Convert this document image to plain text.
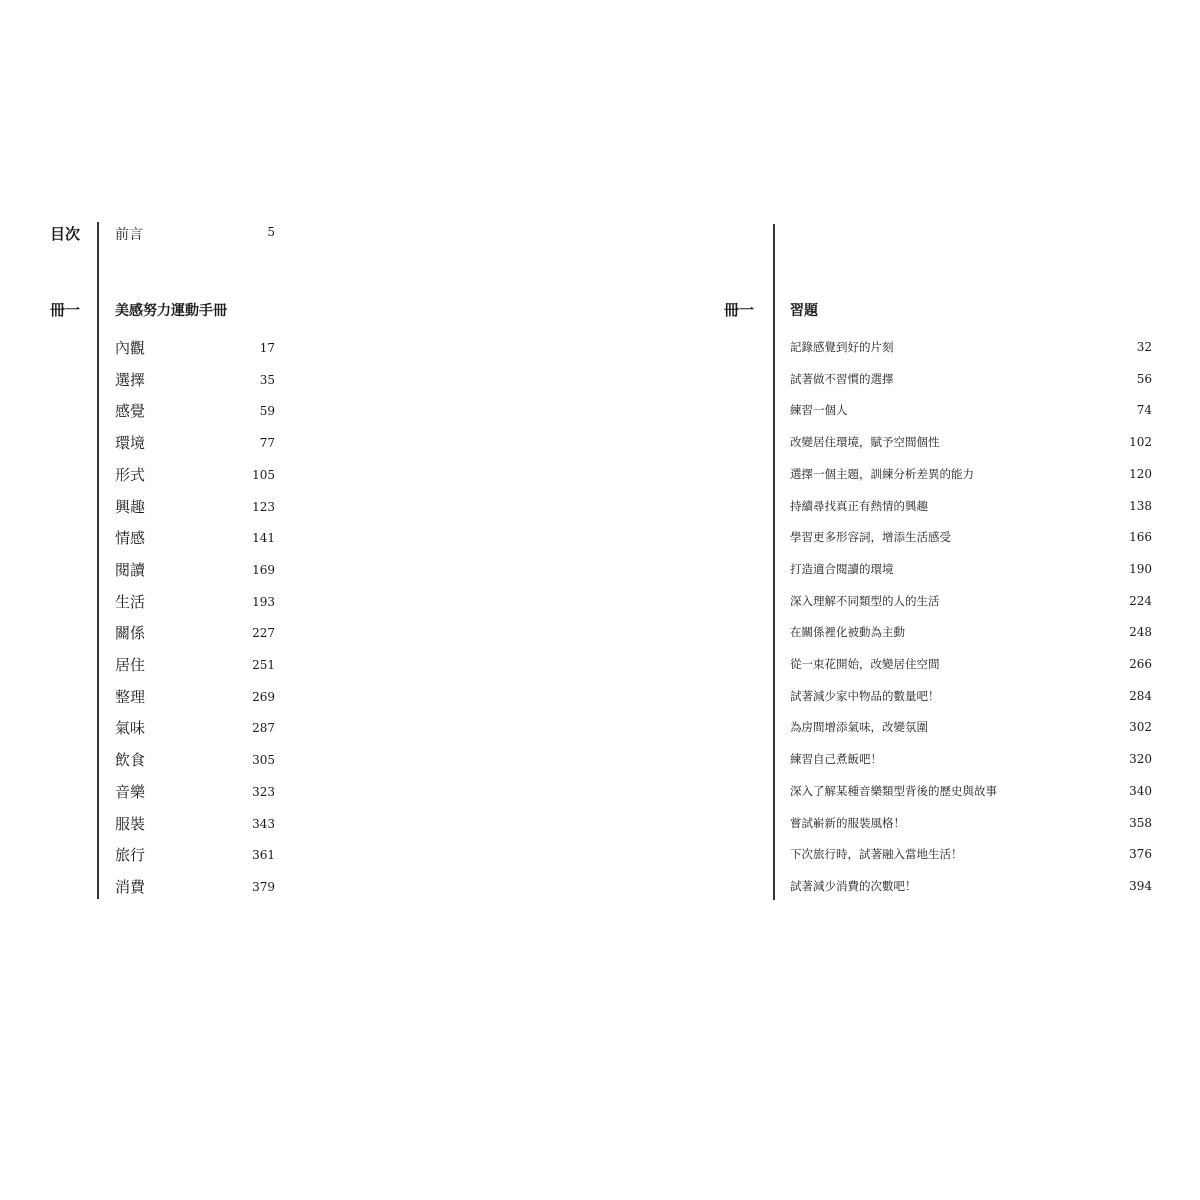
目次 前言	5
冊一 美感努力運動手冊
內觀	17
選擇	35
感覺	59
環境	77
形式	105
興趣	123
情感	141
閱讀	169
生活	193
關係	227
居住	251
整理	269
氣味	287
飲食	305
音樂	323
服裝	343
旅行	361
消費	379
冊一	習題
記錄感覺到好的片刻	32
試著做不習慣的選擇	56
練習一個人	74
改變居住環境，賦予空間個性	102
選擇一個主題，訓練分析差異的能力	120
持續尋找真正有熱情的興趣	138
學習更多形容詞，增添生活感受	166
打造適合閱讀的環境	190
深入理解不同類型的人的生活	224
在關係裡化被動為主動	248
從一束花開始，改變居住空間	266
試著減少家中物品的數量吧！	284
為房間增添氣味，改變氛圍	302
練習自己煮飯吧！	320
深入了解某種音樂類型背後的歷史與故事	340
嘗試嶄新的服裝風格！	358
下次旅行時，試著融入當地生活！	376
試著減少消費的次數吧！	394
